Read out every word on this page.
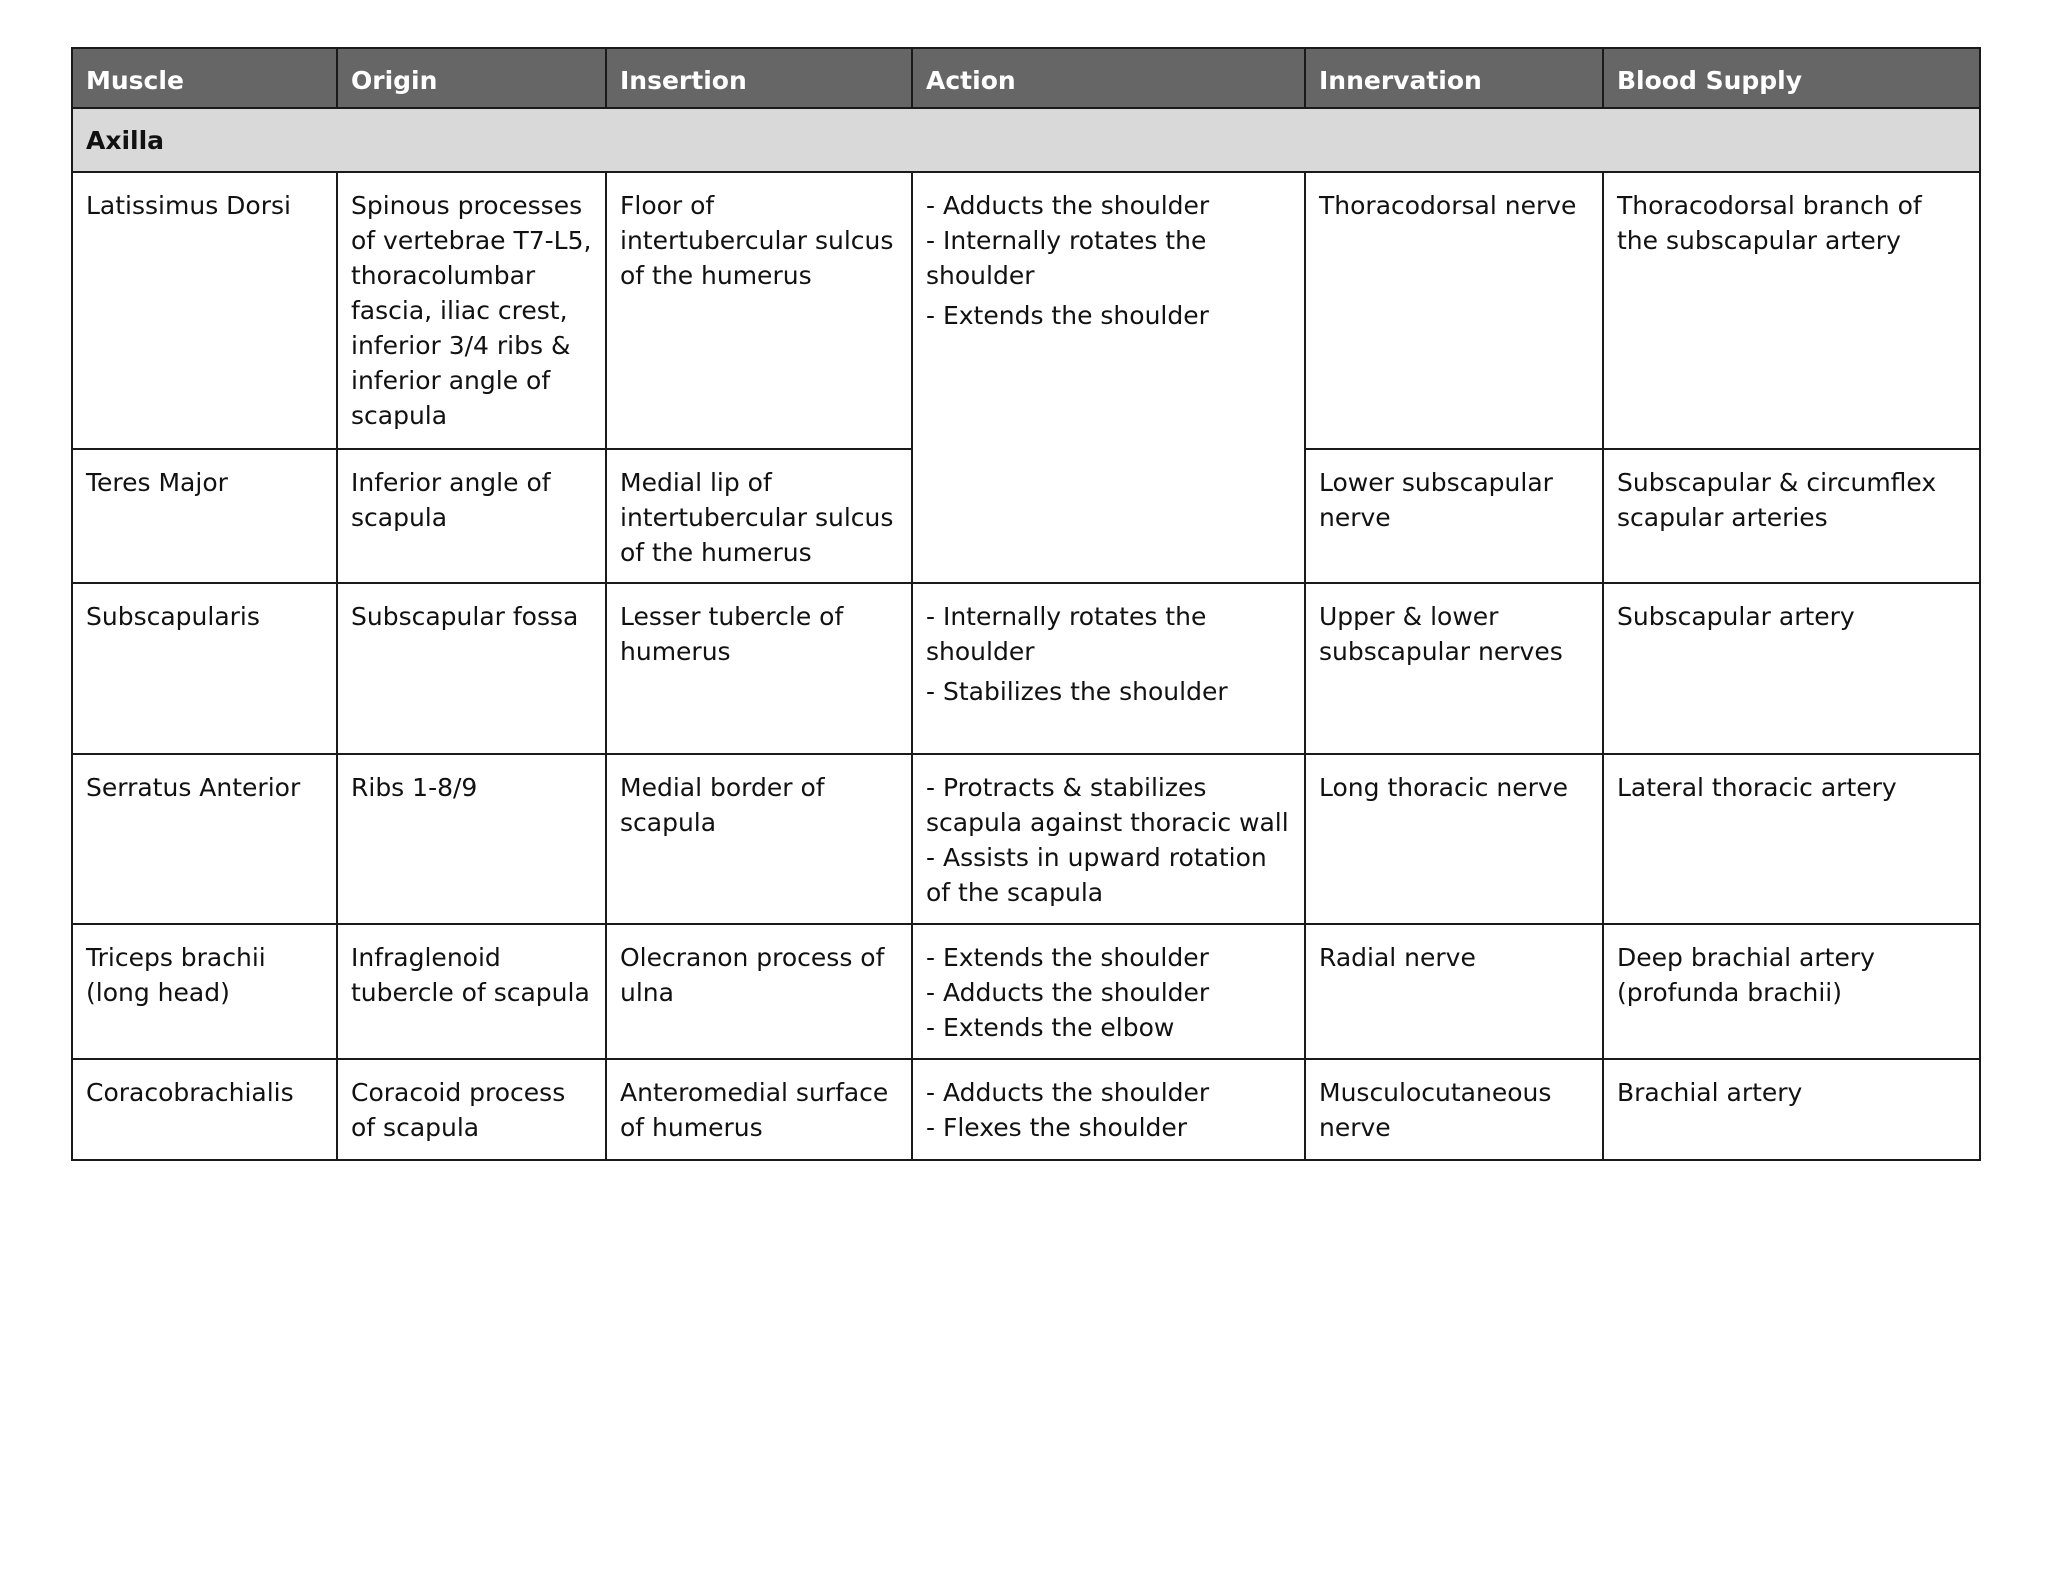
Muscle	Origin	Insertion	Action	Innervation	Blood Supply
Axilla					
Latissimus Dorsi	Spinous processes of vertebrae T7-L5, thoracolumbar fascia, iliac crest, inferior 3/4 ribs & inferior angle of scapula	Floor of intertubercular sulcus of the humerus	- Adducts the shoulder
- Internally rotates the shoulder
- Extends the shoulder	Thoracodorsal nerve	Thoracodorsal branch of the subscapular artery
Teres Major	Inferior angle of scapula	Medial lip of intertubercular sulcus of the humerus		Lower subscapular nerve	Subscapular & circumflex scapular arteries
Subscapularis	Subscapular fossa	Lesser tubercle of humerus	- Internally rotates the shoulder
- Stabilizes the shoulder	Upper & lower subscapular nerves	Subscapular artery
Serratus Anterior	Ribs 1-8/9	Medial border of scapula	- Protracts & stabilizes scapula against thoracic wall
- Assists in upward rotation of the scapula	Long thoracic nerve	Lateral thoracic artery
Triceps brachii (long head)	Infraglenoid tubercle of scapula	Olecranon process of ulna	- Extends the shoulder
- Adducts the shoulder
- Extends the elbow	Radial nerve	Deep brachial artery (profunda brachii)
Coracobrachialis	Coracoid process of scapula	Anteromedial surface of humerus	- Adducts the shoulder
- Flexes the shoulder	Musculocutaneous nerve	Brachial artery
